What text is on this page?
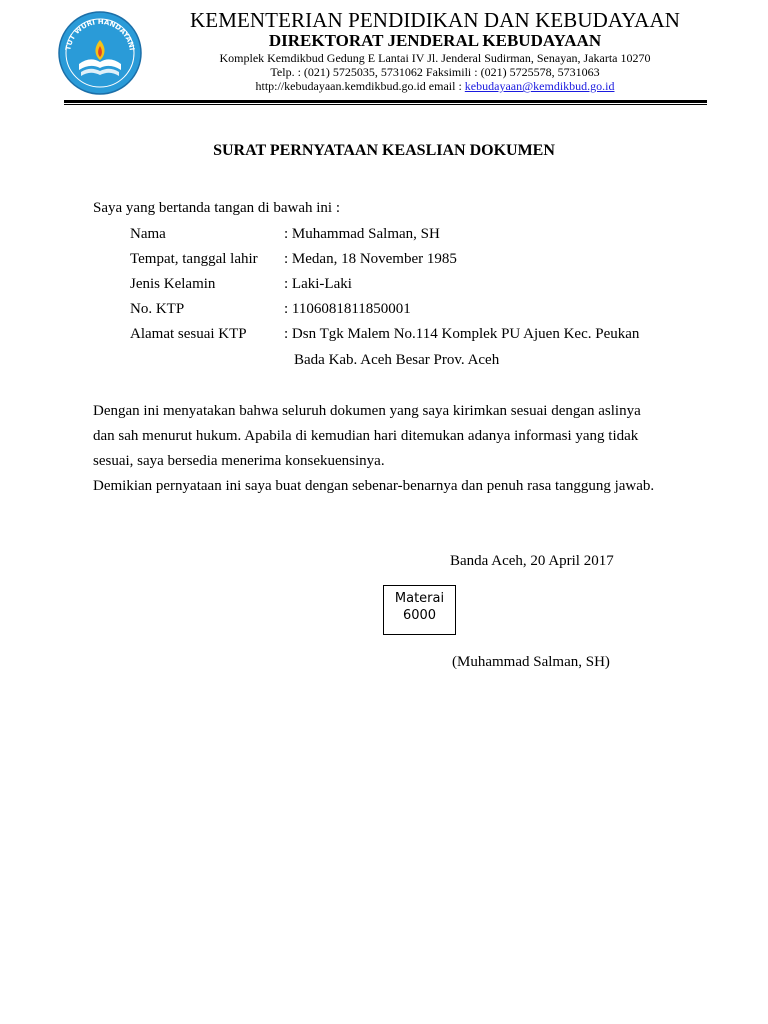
TUT WURI HANDAYANI
KEMENTERIAN PENDIDIKAN DAN KEBUDAYAAN
DIREKTORAT JENDERAL KEBUDAYAAN
Komplek Kemdikbud Gedung E Lantai IV Jl. Jenderal Sudirman, Senayan, Jakarta 10270
Telp. : (021) 5725035, 5731062 Faksimili : (021) 5725578, 5731063
http://kebudayaan.kemdikbud.go.id email : kebudayaan@kemdikbud.go.id
SURAT PERNYATAAN KEASLIAN DOKUMEN
Saya yang bertanda tangan di bawah ini :
Nama	: Muhammad Salman, SH
Tempat, tanggal lahir : Medan, 18 November 1985
Jenis Kelamin	: Laki-Laki
No. KTP	: 1106081811850001
Alamat sesuai KTP : Dsn Tgk Malem No.114 Komplek PU Ajuen Kec. Peukan
Bada Kab. Aceh Besar Prov. Aceh
Dengan ini menyatakan bahwa seluruh dokumen yang saya kirimkan sesuai dengan aslinya
dan sah menurut hukum. Apabila di kemudian hari ditemukan adanya informasi yang tidak
sesuai, saya bersedia menerima konsekuensinya.
Demikian pernyataan ini saya buat dengan sebenar-benarnya dan penuh rasa tanggung jawab.
Banda Aceh, 20 April 2017
Materai
6000
(Muhammad Salman, SH)
